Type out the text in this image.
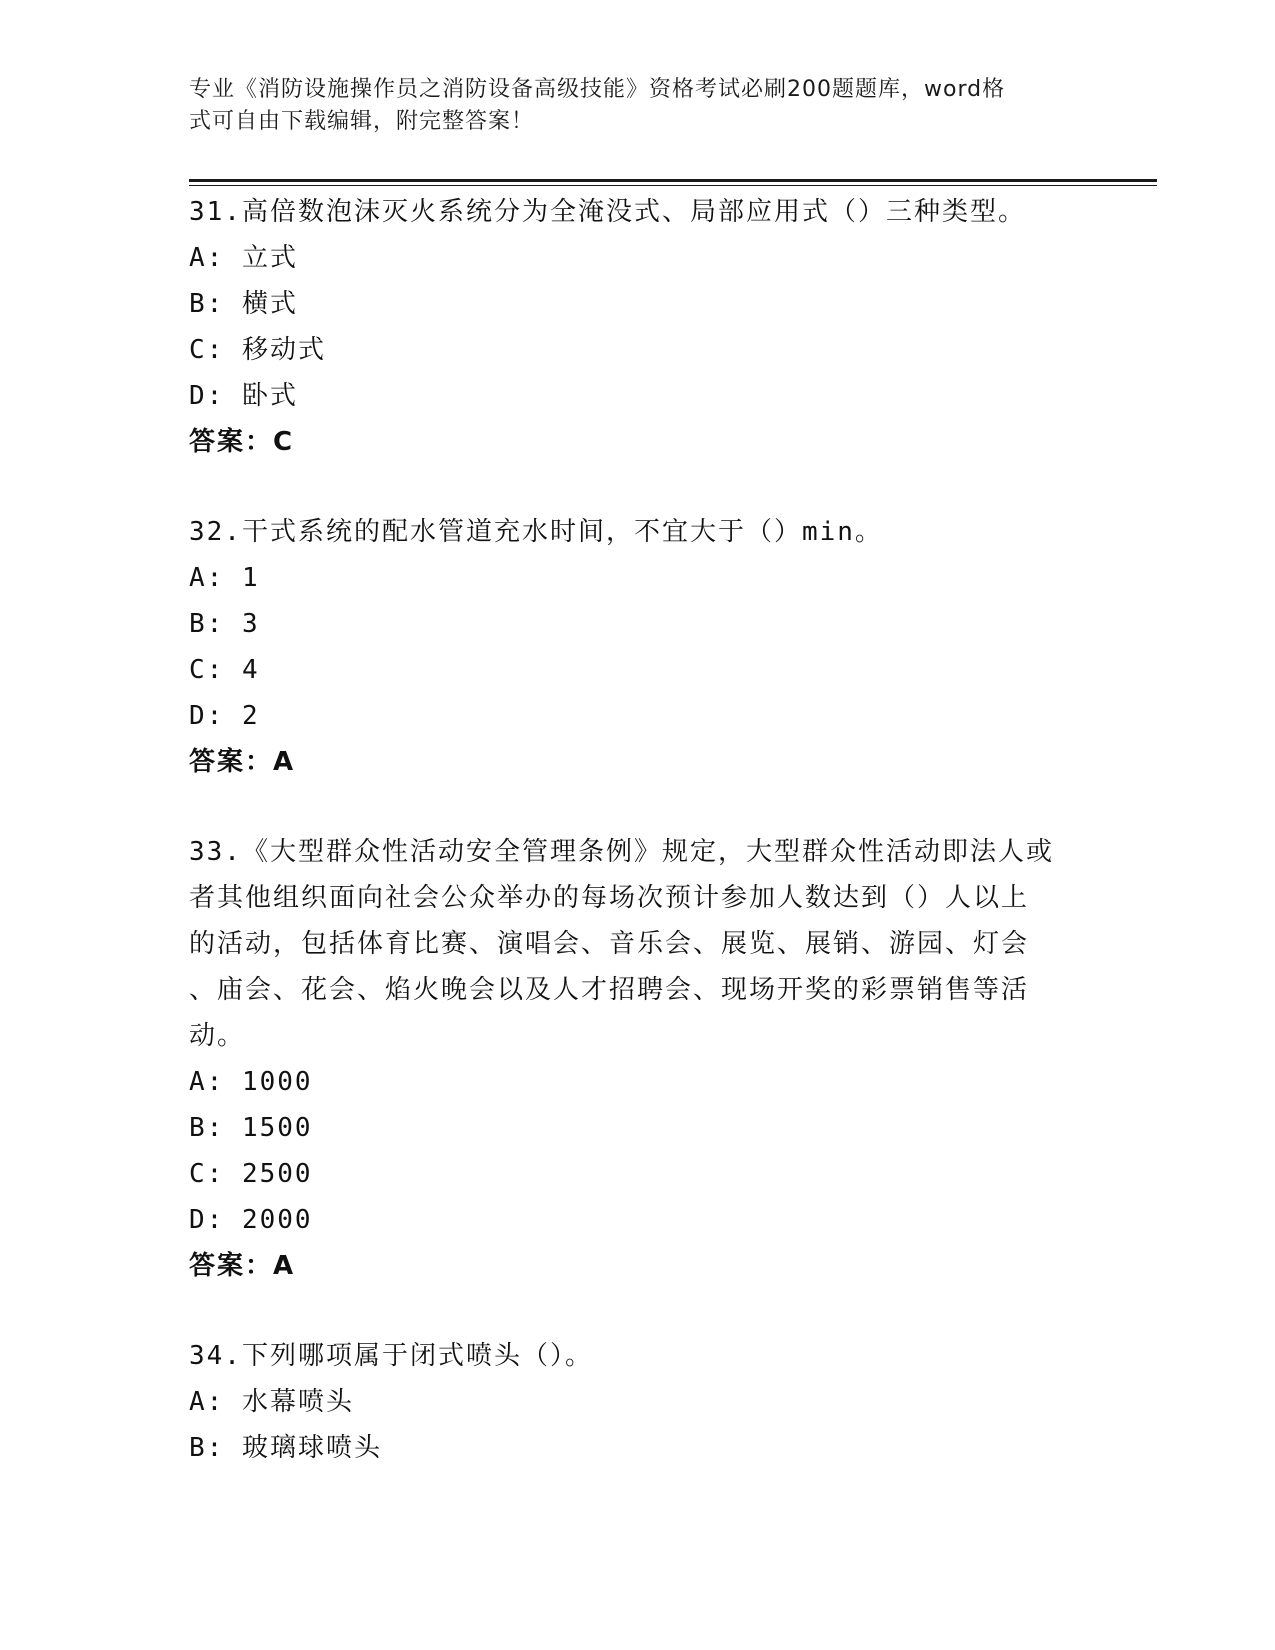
专业《消防设施操作员之消防设备高级技能》资格考试必刷200题题库，word格
式可自由下载编辑，附完整答案！

31.高倍数泡沫灭火系统分为全淹没式、局部应用式（）三种类型。

A: 立式

B: 横式

C: 移动式

D: 卧式

答案：C

32.干式系统的配水管道充水时间，不宜大于（）min。

A: 1

B: 3

C: 4

D: 2

答案：A

33.《大型群众性活动安全管理条例》规定，大型群众性活动即法人或

者其他组织面向社会公众举办的每场次预计参加人数达到（）人以上

的活动，包括体育比赛、演唱会、音乐会、展览、展销、游园、灯会

、庙会、花会、焰火晚会以及人才招聘会、现场开奖的彩票销售等活

动。

A: 1000

B: 1500

C: 2500

D: 2000

答案：A

34.下列哪项属于闭式喷头（）。

A: 水幕喷头

B: 玻璃球喷头
